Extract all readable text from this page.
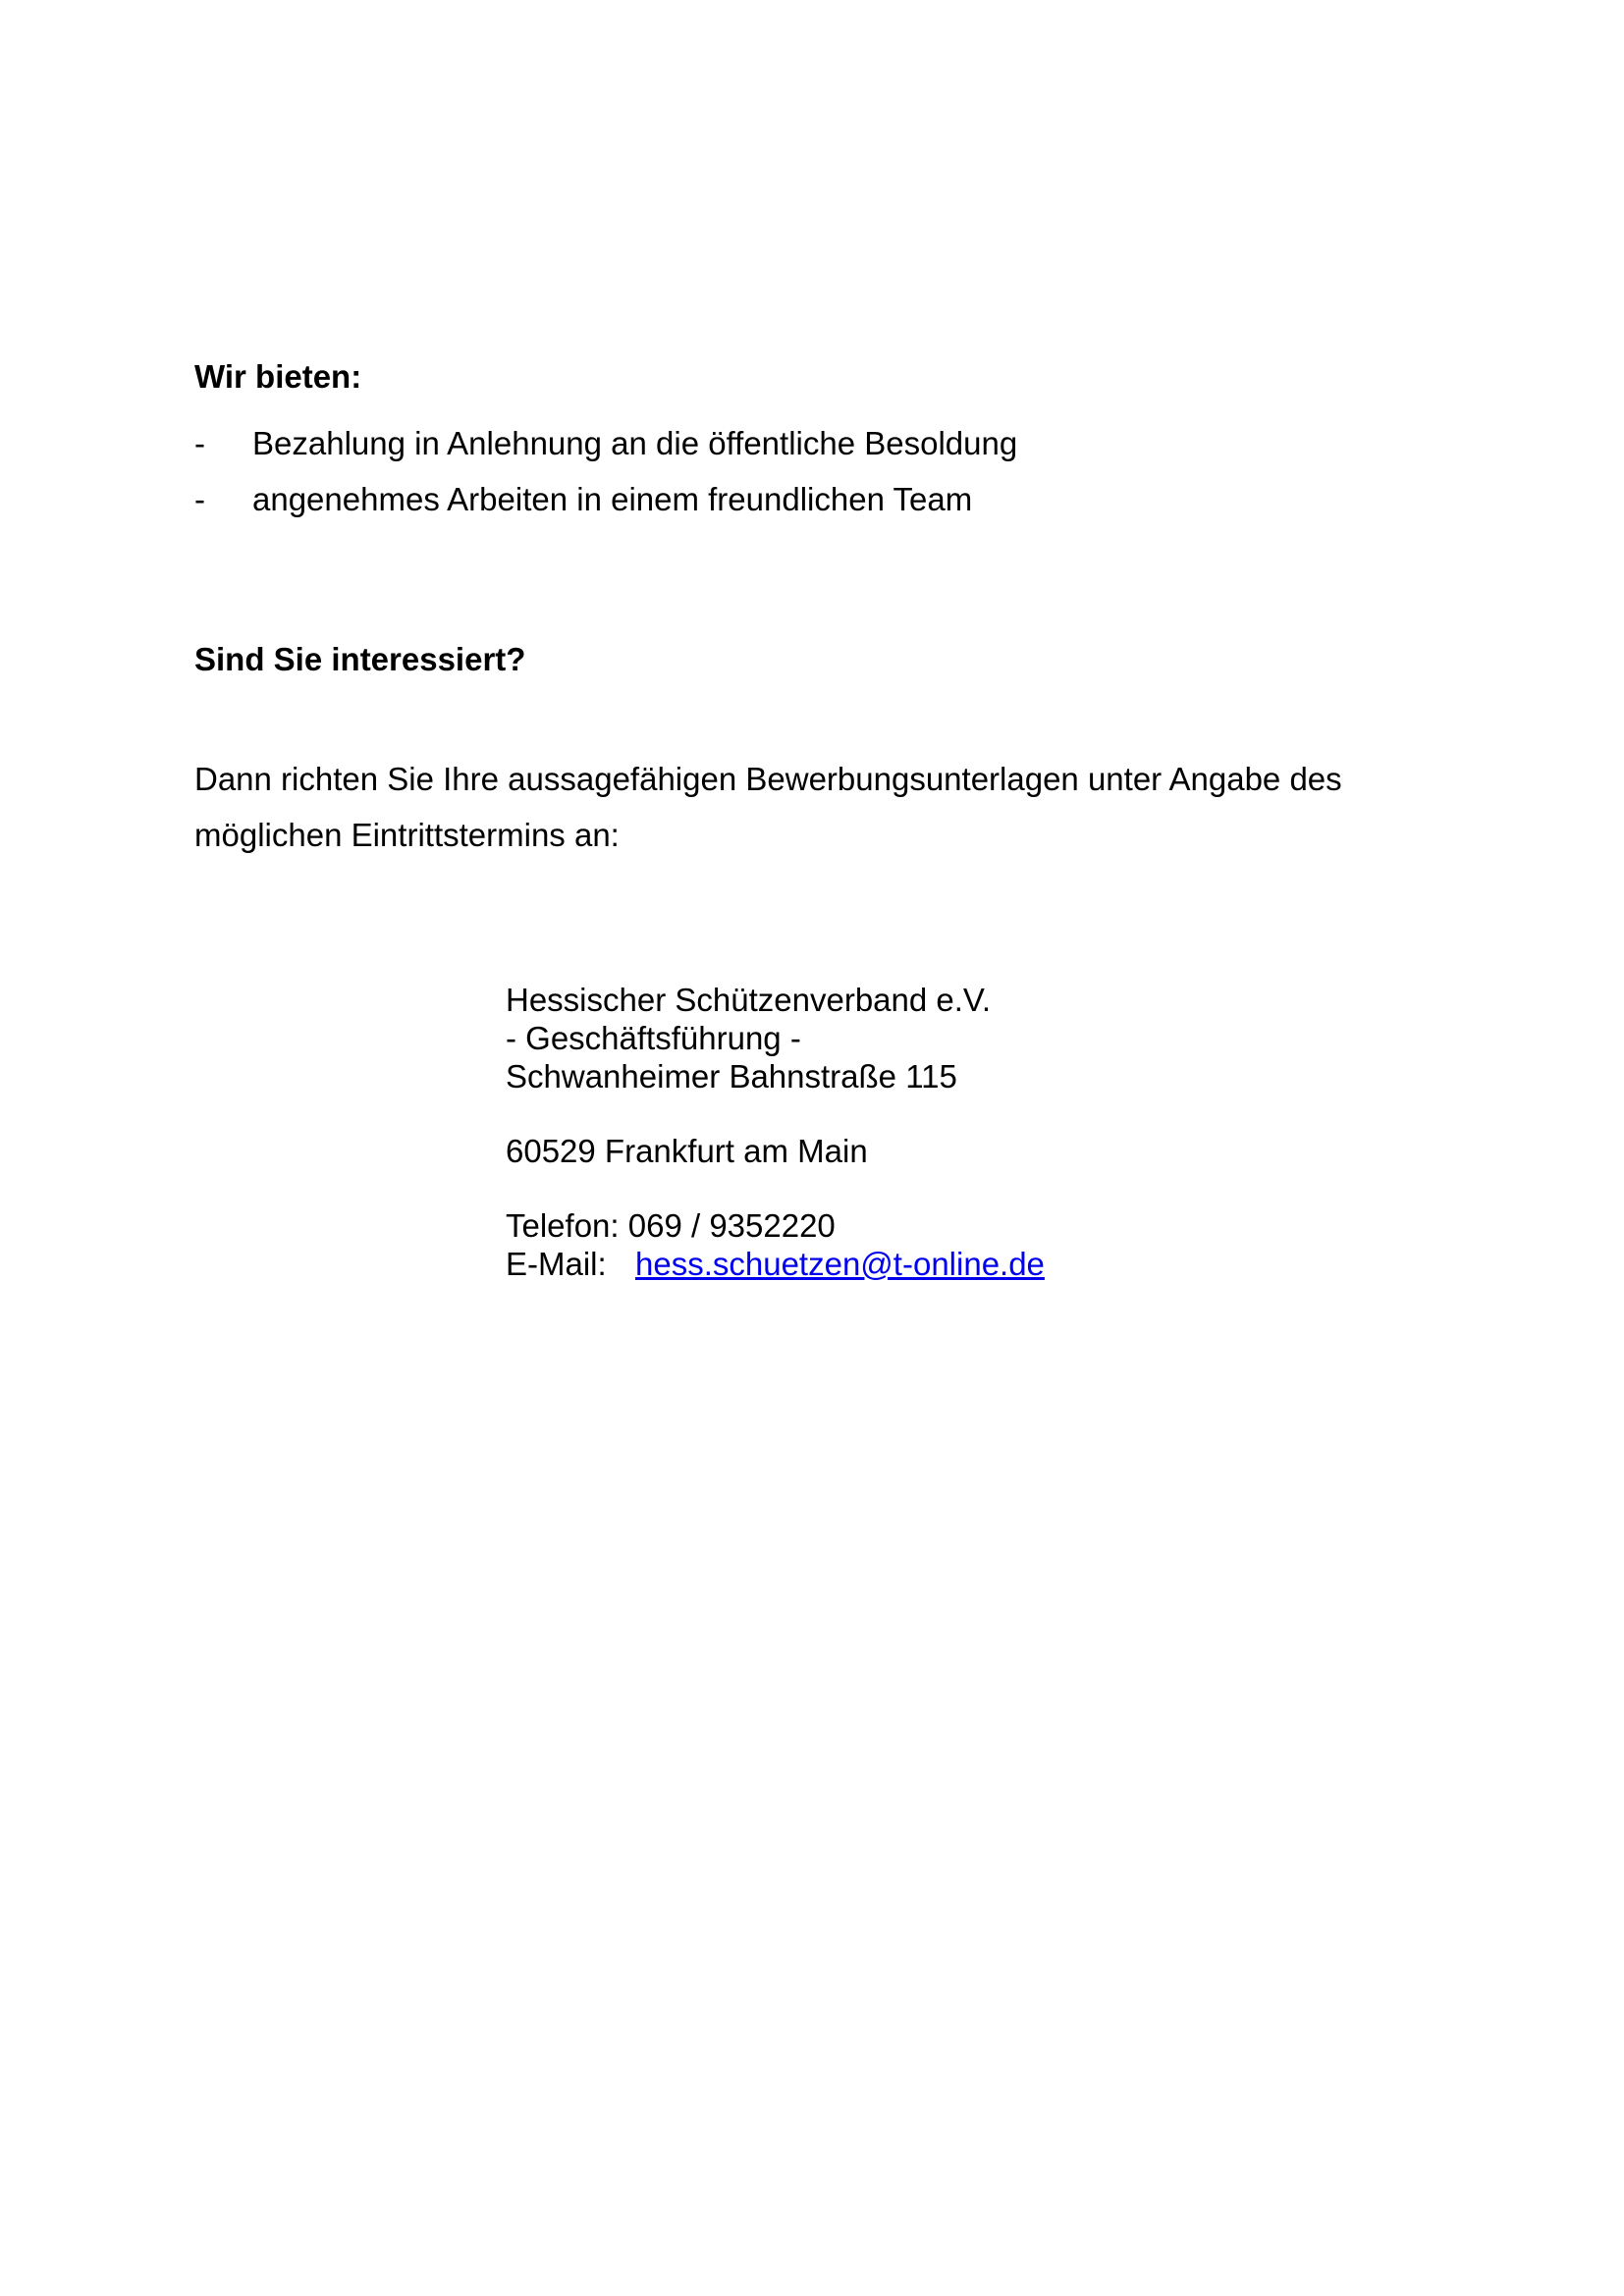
Wir bieten:
- Bezahlung in Anlehnung an die öffentliche Besoldung
- angenehmes Arbeiten in einem freundlichen Team
Sind Sie interessiert?

Dann richten Sie Ihre aussagefähigen Bewerbungsunterlagen unter Angabe des möglichen Eintrittstermins an:

Hessischer Schützenverband e.V.
- Geschäftsführung -
Schwanheimer Bahnstraße 115
60529 Frankfurt am Main
Telefon: 069 / 9352220
E-Mail: hess.schuetzen@t-online.de
